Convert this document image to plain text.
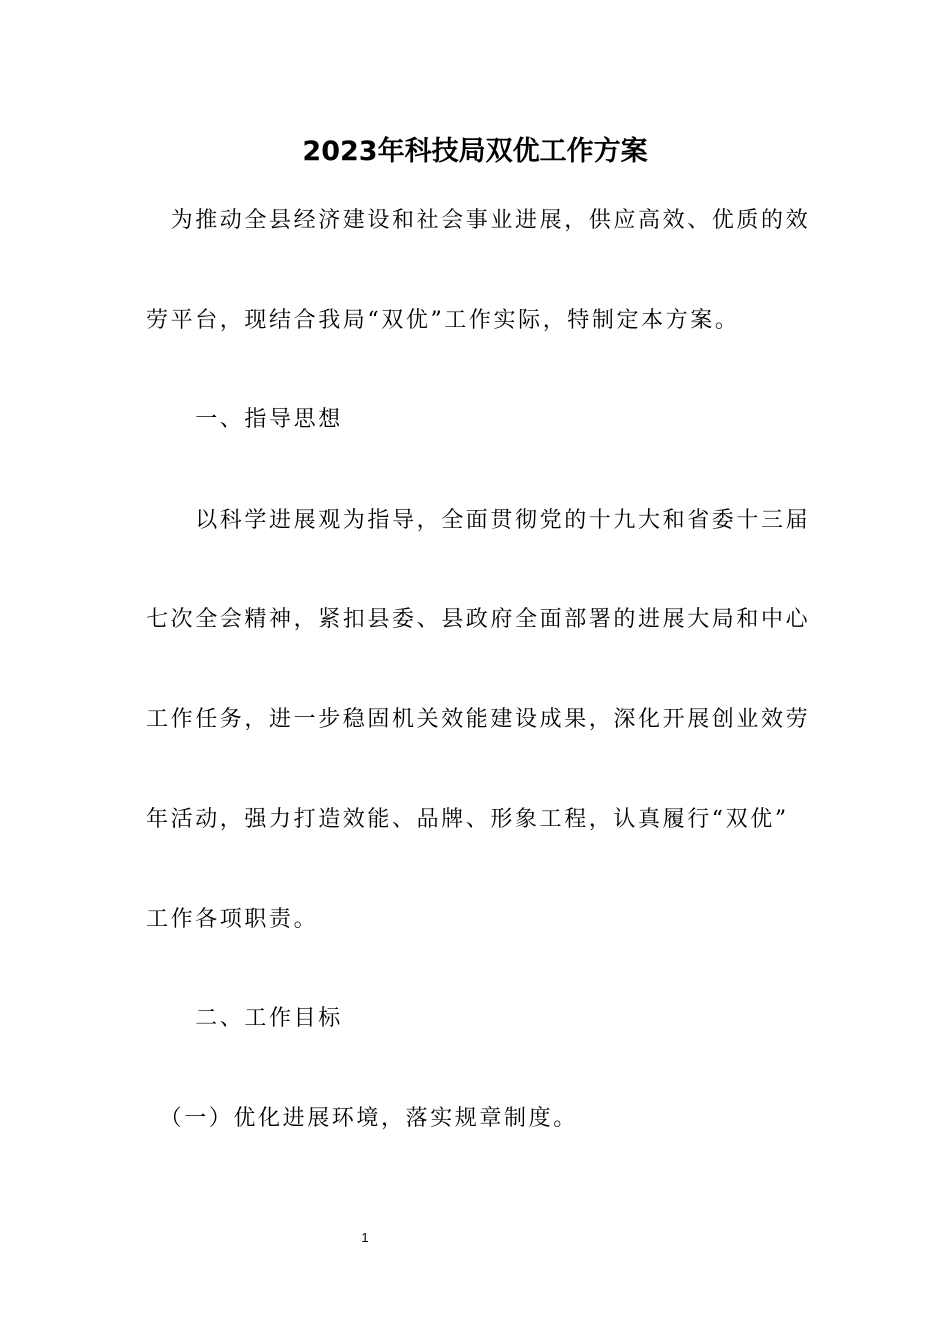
2023年科技局双优工作方案
　为推动全县经济建设和社会事业进展，供应高效、优质的效
劳平台，现结合我局“双优”工作实际，特制定本方案。
　　一、指导思想
　　以科学进展观为指导，全面贯彻党的十九大和省委十三届
七次全会精神，紧扣县委、县政府全面部署的进展大局和中心
工作任务，进一步稳固机关效能建设成果，深化开展创业效劳
年活动，强力打造效能、品牌、形象工程，认真履行“双优”
工作各项职责。
　　二、工作目标
　（一）优化进展环境，落实规章制度。
1
